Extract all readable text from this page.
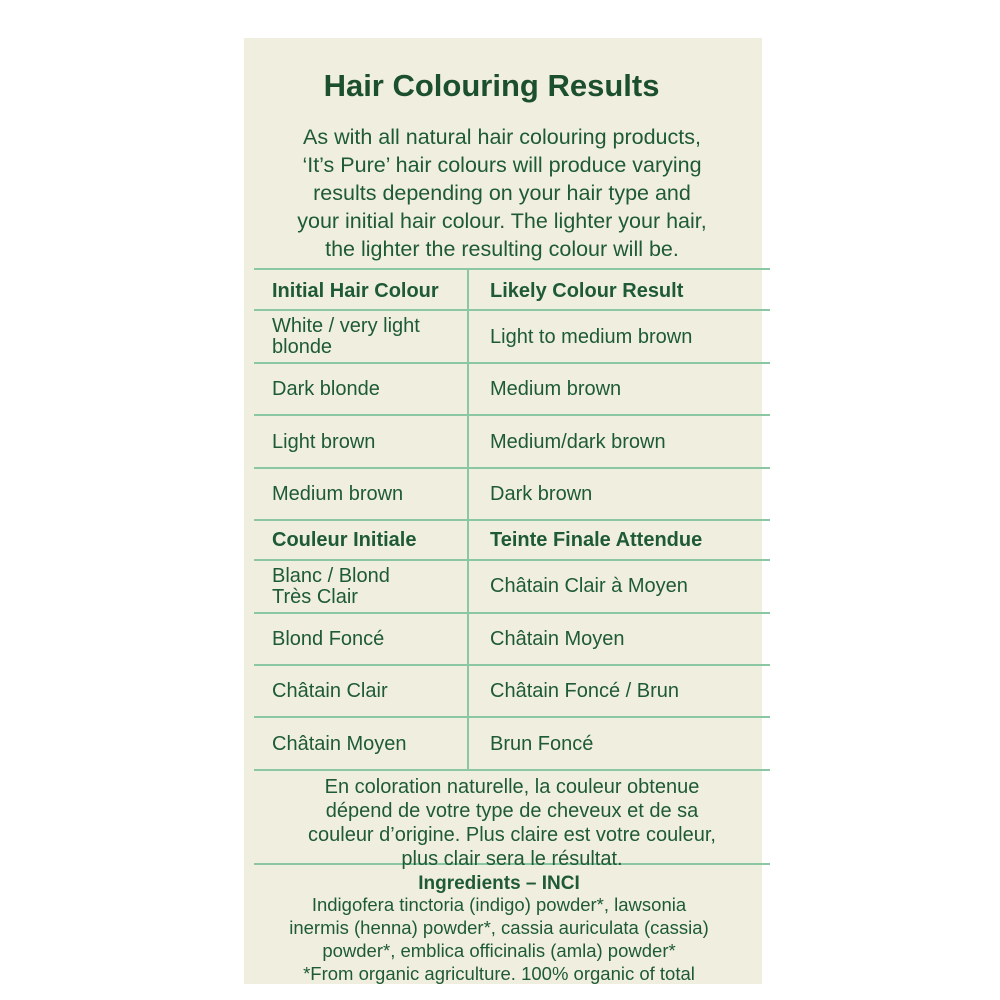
Hair Colouring Results
As with all natural hair colouring products,
‘It’s Pure’ hair colours will produce varying
results depending on your hair type and
your initial hair colour. The lighter your hair,
the lighter the resulting colour will be.
Initial Hair Colour	Likely Colour Result
White / very light blonde	Light to medium brown
Dark blonde	Medium brown
Light brown	Medium/dark brown
Medium brown	Dark brown
Couleur Initiale	Teinte Finale Attendue
Blanc / Blond Très Clair	Châtain Clair à Moyen
Blond Foncé	Châtain Moyen
Châtain Clair	Châtain Foncé / Brun
Châtain Moyen	Brun Foncé
En coloration naturelle, la couleur obtenue
dépend de votre type de cheveux et de sa
couleur d’origine. Plus claire est votre couleur,
plus clair sera le résultat.
Ingredients – INCI
Indigofera tinctoria (indigo) powder*, lawsonia
inermis (henna) powder*, cassia auriculata (cassia)
powder*, emblica officinalis (amla) powder*
*From organic agriculture. 100% organic of total
